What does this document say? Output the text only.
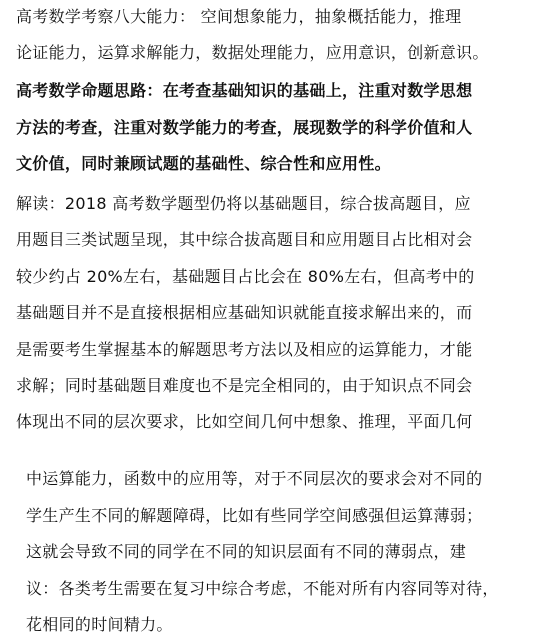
高考数学考察八大能力： 空间想象能力，抽象概括能力，推理
论证能力，运算求解能力，数据处理能力，应用意识，创新意识。
高考数学命题思路：在考查基础知识的基础上，注重对数学思想
方法的考查，注重对数学能力的考查，展现数学的科学价值和人
文价值，同时兼顾试题的基础性、综合性和应用性。
解读：2018 高考数学题型仍将以基础题目，综合拔高题目，应
用题目三类试题呈现，其中综合拔高题目和应用题目占比相对会
较少约占 20%左右，基础题目占比会在 80%左右，但高考中的
基础题目并不是直接根据相应基础知识就能直接求解出来的，而
是需要考生掌握基本的解题思考方法以及相应的运算能力，才能
求解；同时基础题目难度也不是完全相同的，由于知识点不同会
体现出不同的层次要求，比如空间几何中想象、推理，平面几何
中运算能力，函数中的应用等，对于不同层次的要求会对不同的
学生产生不同的解题障碍，比如有些同学空间感强但运算薄弱；
这就会导致不同的同学在不同的知识层面有不同的薄弱点，建
议：各类考生需要在复习中综合考虑，不能对所有内容同等对待，
花相同的时间精力。
